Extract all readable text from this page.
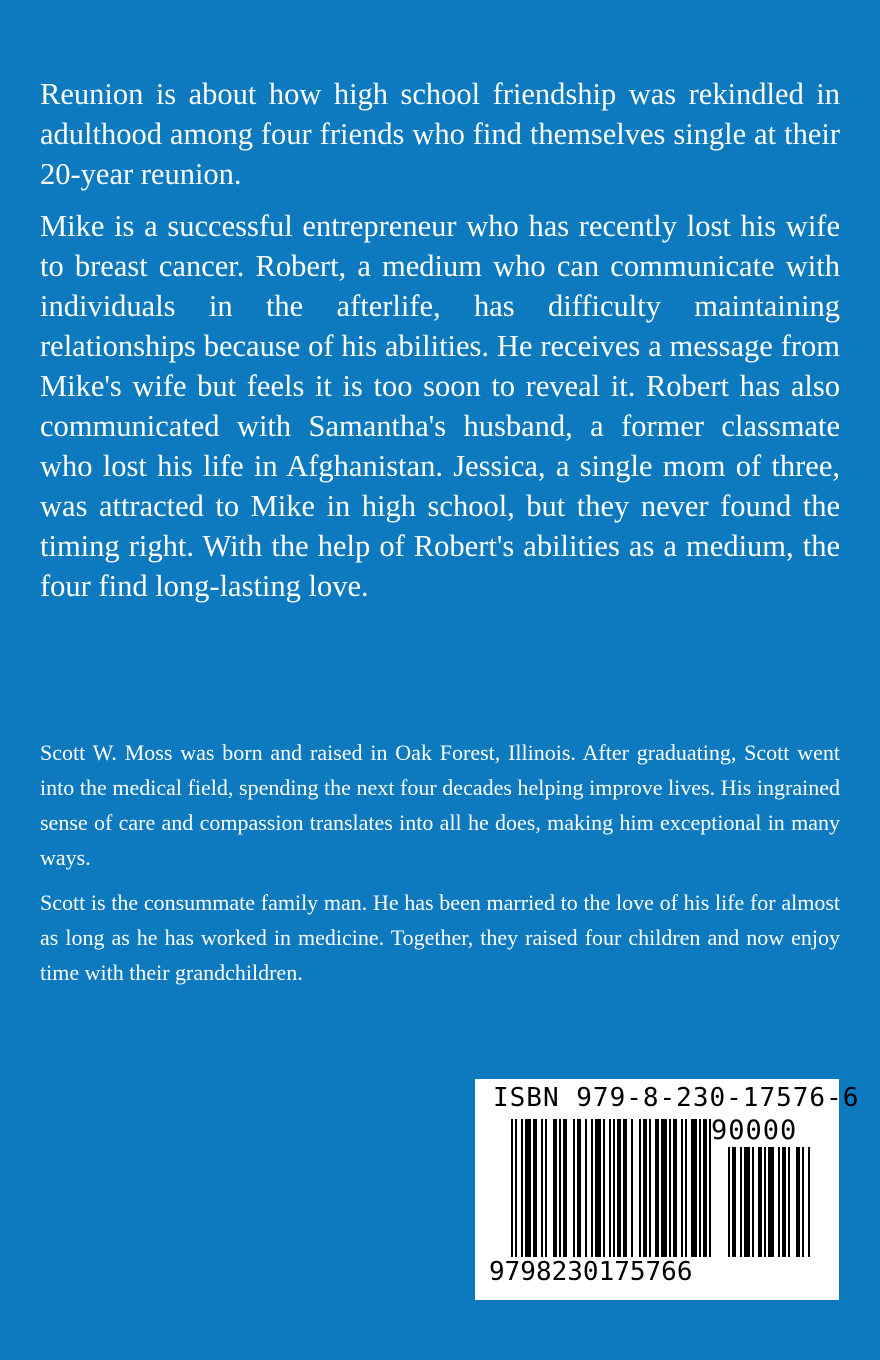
Reunion is about how high school friendship was rekindled in adulthood among four friends who find themselves single at their 20-year reunion.

Mike is a successful entrepreneur who has recently lost his wife to breast cancer. Robert, a medium who can communicate with individuals in the afterlife, has difficulty maintaining relationships because of his abilities. He receives a message from Mike's wife but feels it is too soon to reveal it. Robert has also communicated with Samantha's husband, a former classmate who lost his life in Afghanistan. Jessica, a single mom of three, was attracted to Mike in high school, but they never found the timing right. With the help of Robert's abilities as a medium, the four find long-lasting love.

Scott W. Moss was born and raised in Oak Forest, Illinois. After graduating, Scott went into the medical field, spending the next four decades helping improve lives. His ingrained sense of care and compassion translates into all he does, making him exceptional in many ways.

Scott is the consummate family man. He has been married to the love of his life for almost as long as he has worked in medicine. Together, they raised four children and now enjoy time with their grandchildren.

ISBN 979-8-230-17576-6
90000
9798230175766
